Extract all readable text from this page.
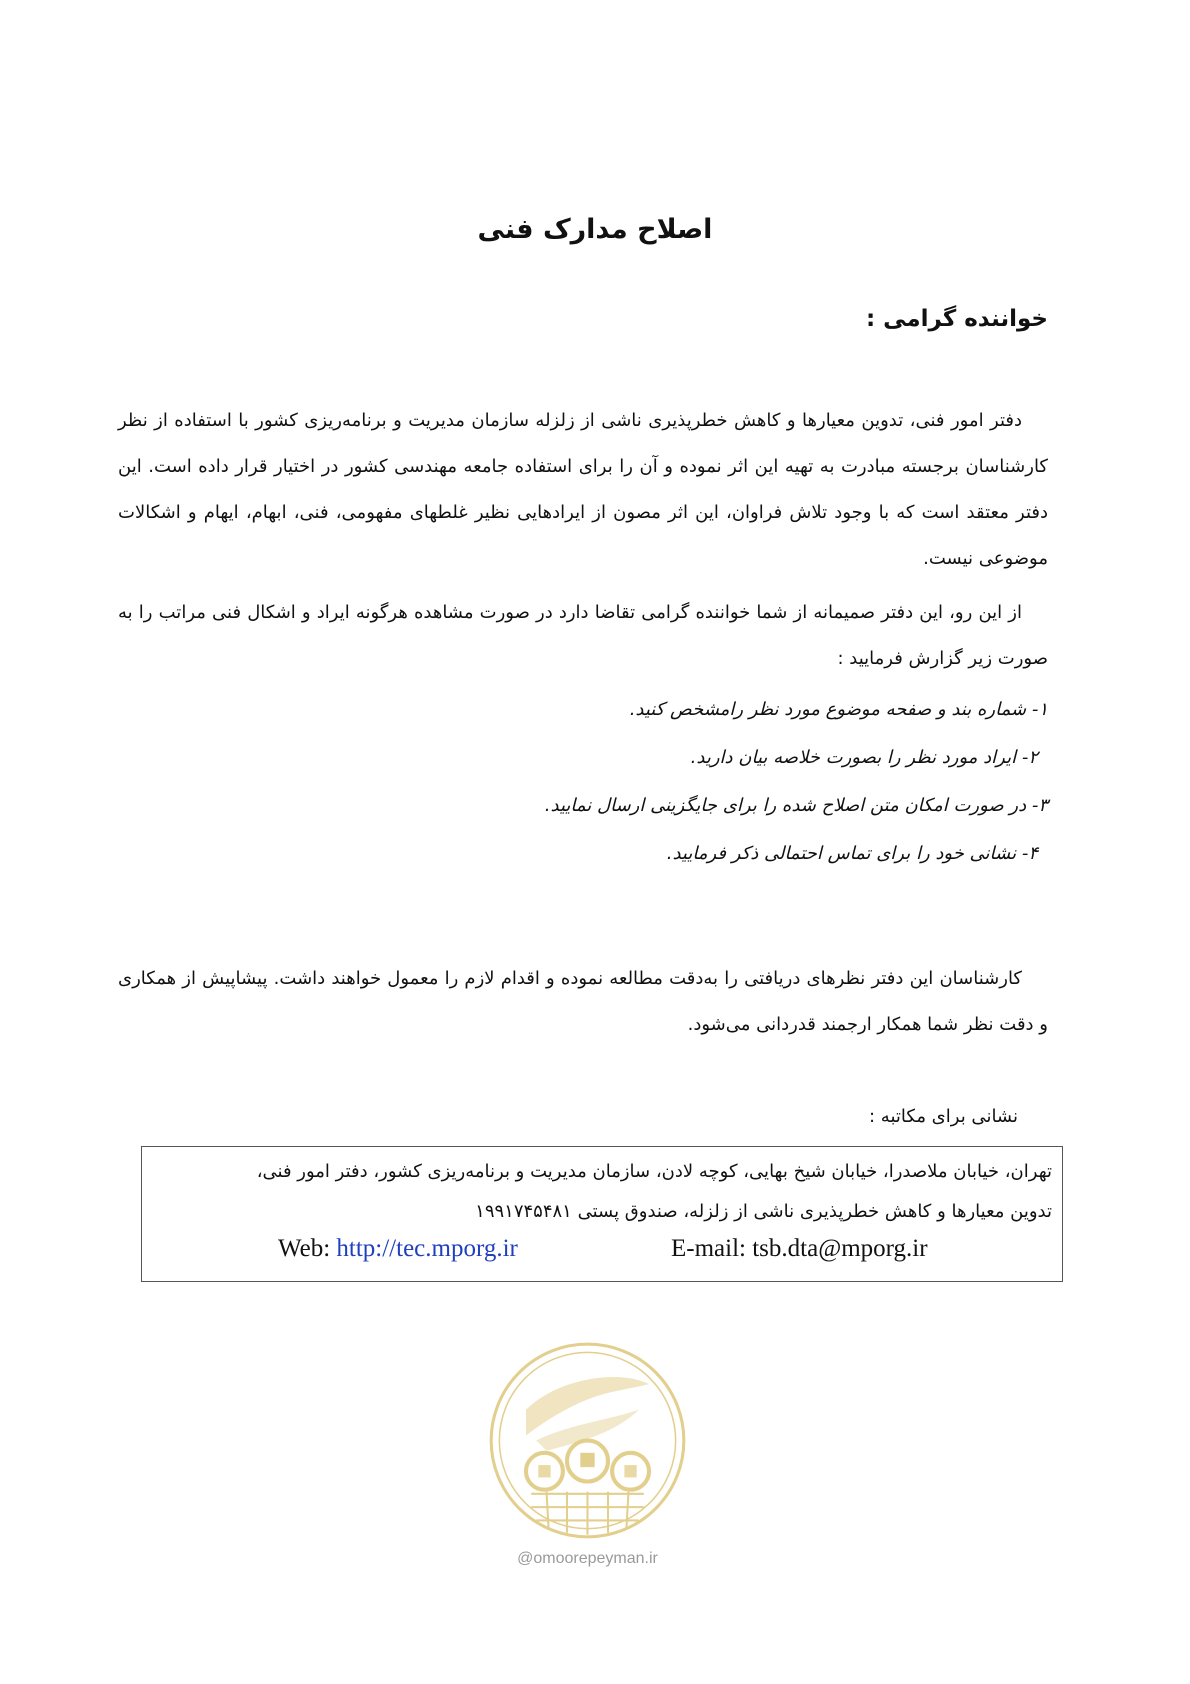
اصلاح مدارک فنی
خواننده گرامی :
دفتر امور فنی، تدوین معیارها و کاهش خطرپذیری ناشی از زلزله سازمان مدیریت و برنامه‌ریزی کشور با استفاده از نظر کارشناسان برجسته مبادرت به تهیه این اثر نموده و آن را برای استفاده جامعه مهندسی کشور در اختیار قرار داده است. این دفتر معتقد است که با وجود تلاش فراوان، این اثر مصون از ایرادهایی نظیر غلطهای مفهومی، فنی، ابهام، ایهام و اشکالات موضوعی نیست.
از این رو، این دفتر صمیمانه از شما خواننده گرامی تقاضا دارد در صورت مشاهده هرگونه ایراد و اشکال فنی مراتب را به صورت زیر گزارش فرمایید :
۱- شماره بند و صفحه موضوع مورد نظر رامشخص کنید.
۲- ایراد مورد نظر را بصورت خلاصه بیان دارید.
۳- در صورت امکان متن اصلاح شده را برای جایگزینی ارسال نمایید.
۴- نشانی خود را برای تماس احتمالی ذکر فرمایید.
کارشناسان این دفتر نظرهای دریافتی را به‌دقت مطالعه نموده و اقدام لازم را معمول خواهند داشت. پیشاپیش از همکاری و دقت نظر شما همکار ارجمند قدردانی می‌شود.
نشانی برای مکاتبه :
تهران، خیابان ملاصدرا، خیابان شیخ بهایی، کوچه لادن، سازمان مدیریت و برنامه‌ریزی کشور، دفتر امور فنی،
تدوین معیارها و کاهش خطرپذیری ناشی از زلزله، صندوق پستی ۱۹۹۱۷۴۵۴۸۱
Web: http://tec.mporg.ir	E-mail: tsb.dta@mporg.ir
@omoorepeyman.ir
